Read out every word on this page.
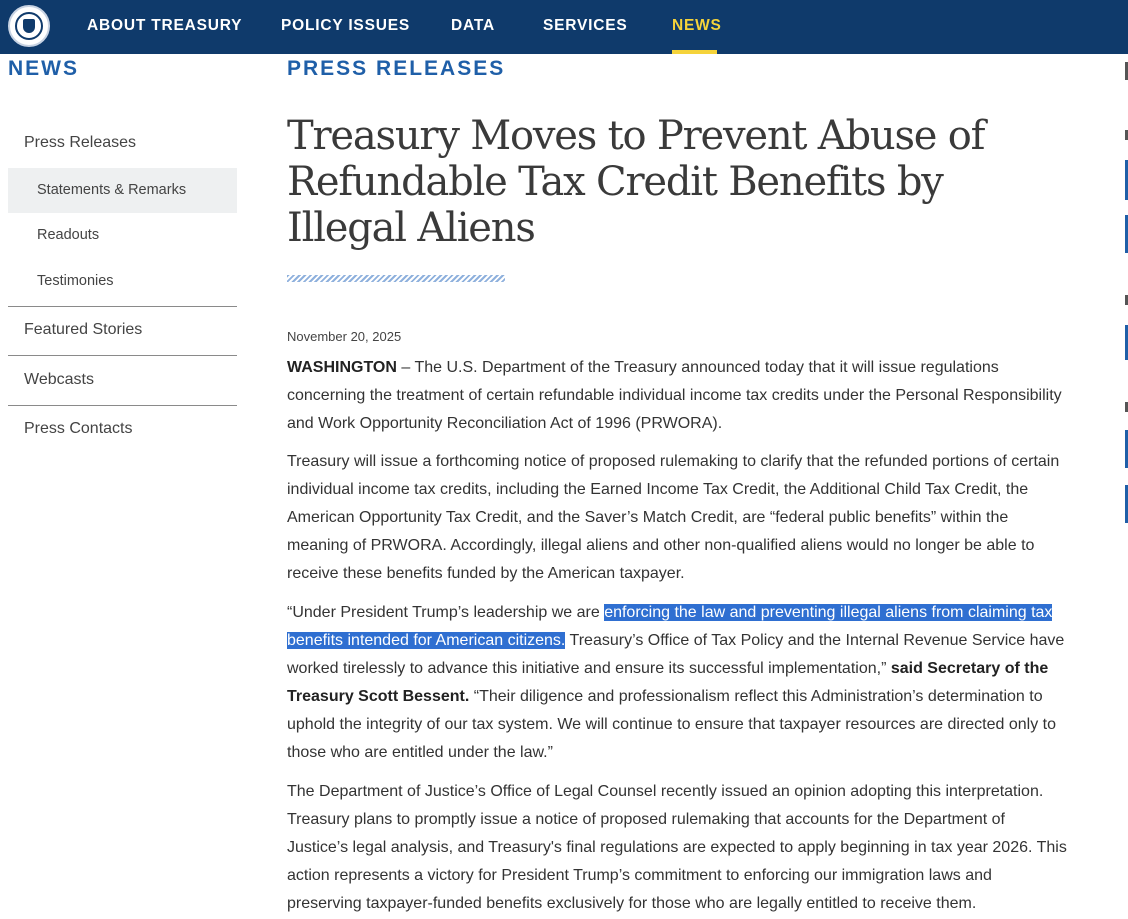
ABOUT TREASURY POLICY ISSUES	DATA	SERVICES	NEWS
NEWS
Press Releases
Statements & Remarks
Readouts
Testimonies
Featured Stories
Webcasts
Press Contacts
PRESS RELEASES
Treasury Moves to Prevent Abuse of Refundable Tax Credit Benefits by Illegal Aliens
November 20, 2025

WASHINGTON – The U.S. Department of the Treasury announced today that it will issue regulations concerning the treatment of certain refundable individual income tax credits under the Personal Responsibility and Work Opportunity Reconciliation Act of 1996 (PRWORA).

Treasury will issue a forthcoming notice of proposed rulemaking to clarify that the refunded portions of certain individual income tax credits, including the Earned Income Tax Credit, the Additional Child Tax Credit, the American Opportunity Tax Credit, and the Saver’s Match Credit, are “federal public benefits” within the meaning of PRWORA. Accordingly, illegal aliens and other non-qualified aliens would no longer be able to receive these benefits funded by the American taxpayer.

“Under President Trump’s leadership we are enforcing the law and preventing illegal aliens from claiming tax benefits intended for American citizens. Treasury’s Office of Tax Policy and the Internal Revenue Service have worked tirelessly to advance this initiative and ensure its successful implementation,” said Secretary of the Treasury Scott Bessent. “Their diligence and professionalism reflect this Administration’s determination to uphold the integrity of our tax system. We will continue to ensure that taxpayer resources are directed only to those who are entitled under the law.”

The Department of Justice’s Office of Legal Counsel recently issued an opinion adopting this interpretation. Treasury plans to promptly issue a notice of proposed rulemaking that accounts for the Department of Justice’s legal analysis, and Treasury's final regulations are expected to apply beginning in tax year 2026. This action represents a victory for President Trump’s commitment to enforcing our immigration laws and preserving taxpayer-funded benefits exclusively for those who are legally entitled to receive them.
